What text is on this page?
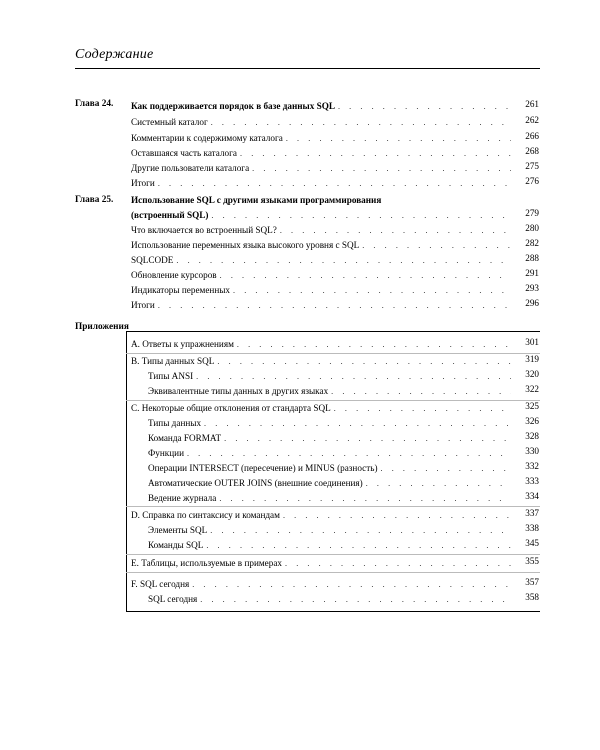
Содержание
Глава 24. Как поддерживается порядок в базе данных SQL . . .	261
Системный каталог . . .	262
Комментарии к содержимому каталога . . .	266
Оставшаяся часть каталога . . .	268
Другие пользователи каталога . . .	275
Итоги . . .	276
Глава 25. Использование SQL с другими языками программирования
(встроенный SQL) . . .	279
Что включается во встроенный SQL? . . .	280
Использование переменных языка высокого уровня с SQL . . .	282
SQLCODE . . .	288
Обновление курсоров . . .	291
Индикаторы переменных . . .	293
Итоги . . .	296
Приложения
А. Ответы к упражнениям . . .	301
В. Типы данных SQL . . .	319
Типы ANSI . . .	320
Эквивалентные типы данных в других языках . . .	322
С. Некоторые общие отклонения от стандарта SQL . . .	325
Типы данных . . .	326
Команда FORMAT . . .	328
Функции . . .	330
Операции INTERSECT (пересечение) и MINUS (разность) . . .	332
Автоматические OUTER JOINS (внешние соединения) . . .	333
Ведение журнала . . .	334
D. Справка по синтаксису и командам . . .	337
Элементы SQL . . .	338
Команды SQL . . .	345
Е. Таблицы, используемые в примерах . . .	355
F. SQL сегодня . . .	357
SQL сегодня . . .	358
